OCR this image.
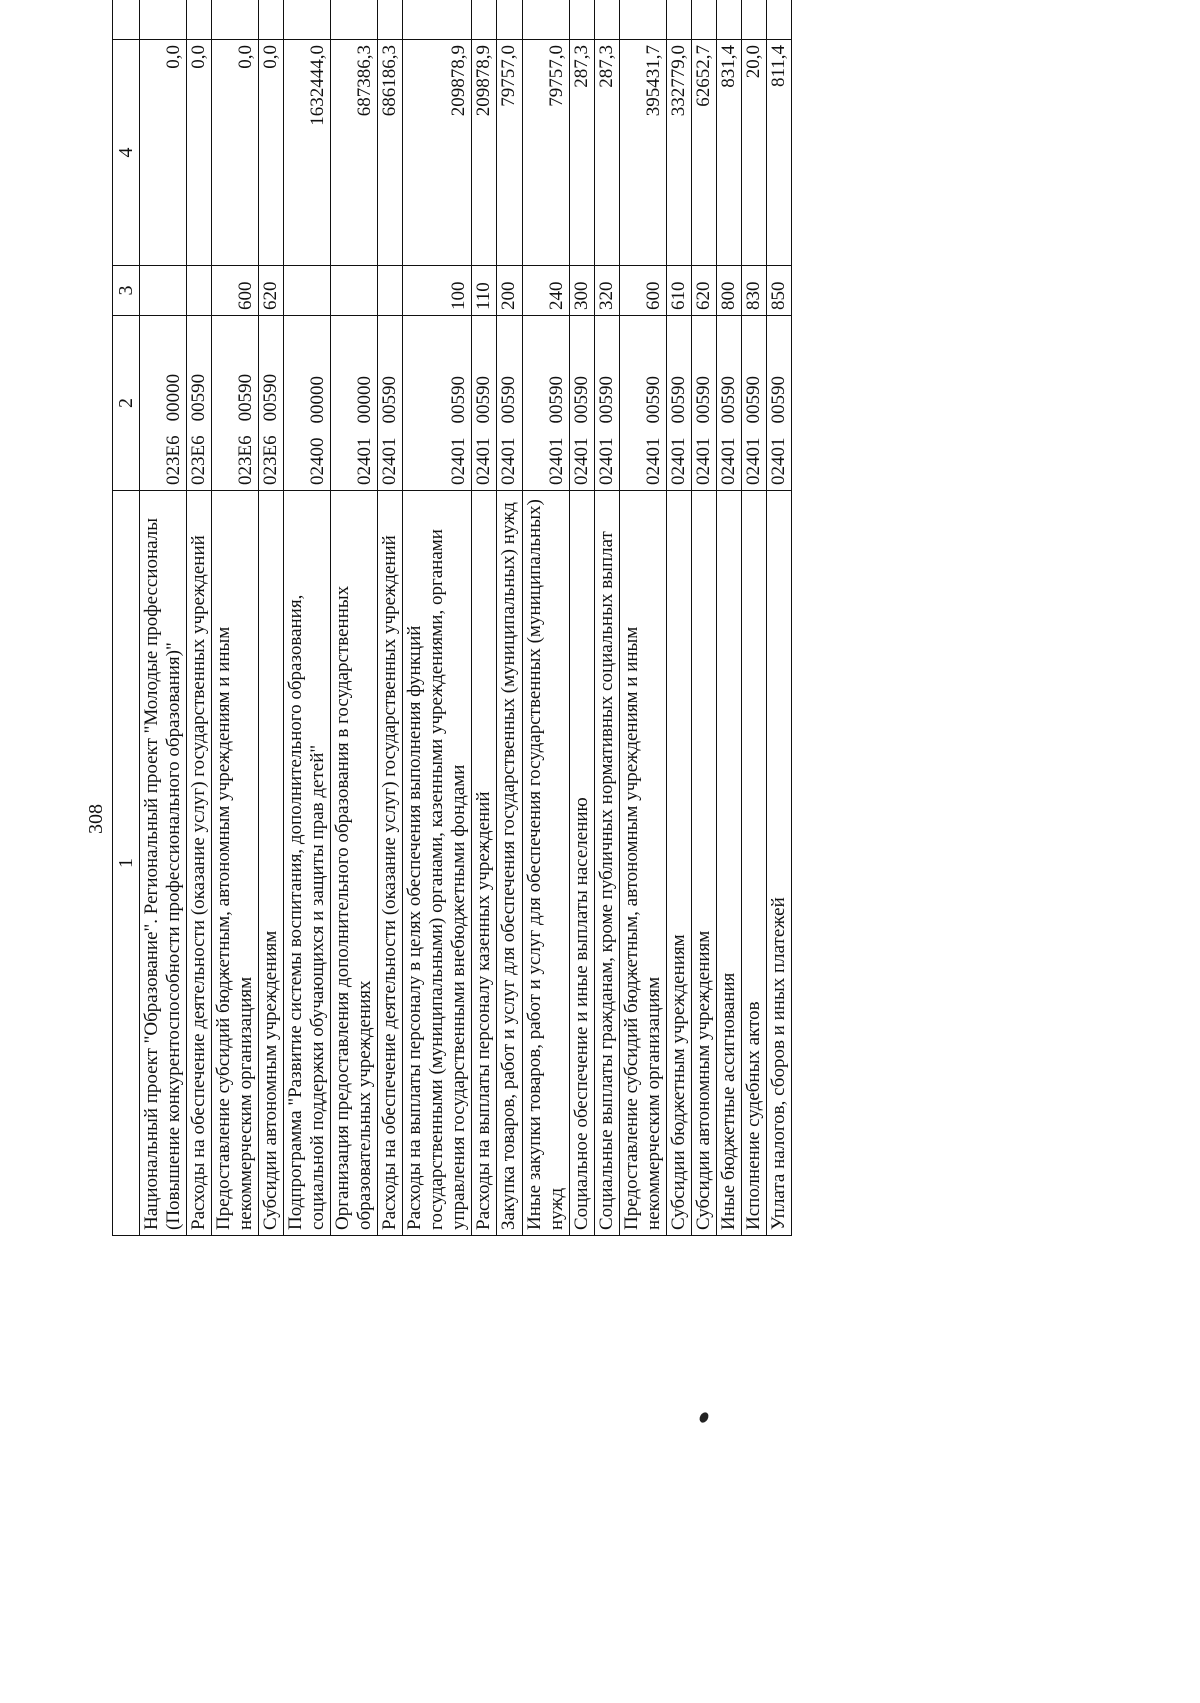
308
1	2	3	4		
Национальный проект "Образование". Региональный проект "Молодые профессионалы (Повышение конкурентоспособности профессионального образования)"	023Е600000		0,0		
Расходы на обеспечение деятельности (оказание услуг) государственных учреждений	023Е600590		0,0		
Предоставление субсидий бюджетным, автономным учреждениям и иным некоммерческим организациям	023Е600590	600	0,0		
Субсидии автономным учреждениям	023Е600590	620	0,0		
Подпрограмма "Развитие системы воспитания, дополнительного образования, социальной поддержки обучающихся и защиты прав детей"	0240000000		1632444,0		
Организация предоставления дополнительного образования в государственных образовательных учреждениях	0240100000		687386,3		
Расходы на обеспечение деятельности (оказание услуг) государственных учреждений	0240100590		686186,3		
Расходы на выплаты персоналу в целях обеспечения выполнения функций государственными (муниципальными) органами, казенными учреждениями, органами управления государственными внебюджетными фондами	0240100590	100	209878,9		
Расходы на выплаты персоналу казенных учреждений	0240100590	110	209878,9		
Закупка товаров, работ и услуг для обеспечения государственных (муниципальных) нужд	0240100590	200	79757,0		
Иные закупки товаров, работ и услуг для обеспечения государственных (муниципальных) нужд	0240100590	240	79757,0		
Социальное обеспечение и иные выплаты населению	0240100590	300	287,3		
Социальные выплаты гражданам, кроме публичных нормативных социальных выплат	0240100590	320	287,3		
Предоставление субсидий бюджетным, автономным учреждениям и иным некоммерческим организациям	0240100590	600	395431,7		
Субсидии бюджетным учреждениям	0240100590	610	332779,0		
Субсидии автономным учреждениям	0240100590	620	62652,7		
Иные бюджетные ассигнования	0240100590	800	831,4		
Исполнение судебных актов	0240100590	830	20,0		
Уплата налогов, сборов и иных платежей	0240100590	850	811,4		
